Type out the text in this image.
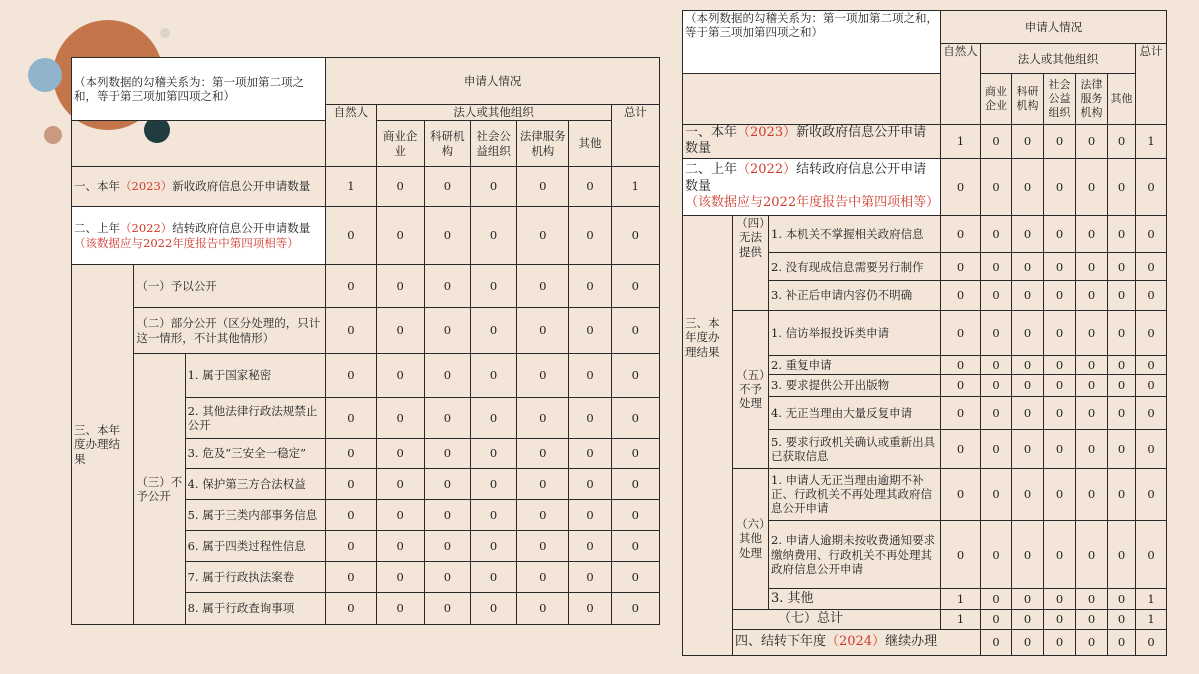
（本列数据的勾稽关系为：第一项加第二项之和，等于第三项加第四项之和）			申请人情况						
			自然人	法人或其他组织					总计
				商业企业	科研机构	社会公益组织	法律服务机构	其他	
一、本年（2023）新收政府信息公开申请数量			1	0	0	0	0	0	1
二、上年（2022）结转政府信息公开申请数量
（该数据应与2022年度报告中第四项相等）			0	0	0	0	0	0	0
三、本年度办理结果	（一）予以公开		0	0	0	0	0	0	0
	（二）部分公开（区分处理的，只计这一情形，不计其他情形）		0	0	0	0	0	0	0
	（三）不予公开	1. 属于国家秘密	0	0	0	0	0	0	0
		2. 其他法律行政法规禁止公开	0	0	0	0	0	0	0
		3. 危及“三安全一稳定”	0	0	0	0	0	0	0
		4. 保护第三方合法权益	0	0	0	0	0	0	0
		5. 属于三类内部事务信息	0	0	0	0	0	0	0
		6. 属于四类过程性信息	0	0	0	0	0	0	0
		7. 属于行政执法案卷	0	0	0	0	0	0	0
		8. 属于行政查询事项	0	0	0	0	0	0	0
（本列数据的勾稽关系为：第一项加第二项之和，等于第三项加第四项之和）			申请人情况							
			自然人	法人或其他组织					总计	
				商业企业	科研机构	社会公益组织	法律服务机构	其他		
一、本年（2023）新收政府信息公开申请数量			1	0	0	0	0	0	1	
二、上年（2022）结转政府信息公开申请数量
（该数据应与2022年度报告中第四项相等）			0	0	0	0	0	0	0	
三、本年度办理结果	（四）无法提供	1. 本机关不掌握相关政府信息	0	0	0	0	0	0	0	
		2. 没有现成信息需要另行制作	0	0	0	0	0	0	0	
		3. 补正后申请内容仍不明确	0	0	0	0	0	0	0	
	（五）不予处理	1. 信访举报投诉类申请	0	0	0	0	0	0	0	
		2. 重复申请	0	0	0	0	0	0	0	
		3. 要求提供公开出版物	0	0	0	0	0	0	0	
		4. 无正当理由大量反复申请	0	0	0	0	0	0	0	
		5. 要求行政机关确认或重新出具已获取信息	0	0	0	0	0	0	0	
	（六）其他处理	1. 申请人无正当理由逾期不补正、行政机关不再处理其政府信息公开申请	0	0	0	0	0	0	0	
		2. 申请人逾期未按收费通知要求缴纳费用、行政机关不再处理其政府信息公开申请	0	0	0	0	0	0	0	
		3. 其他	1	0	0	0	0	0	1	
	（七）总计		1	0	0	0	0	0	1	
	四、结转下年度（2024）继续办理			0	0	0	0	0	0	
